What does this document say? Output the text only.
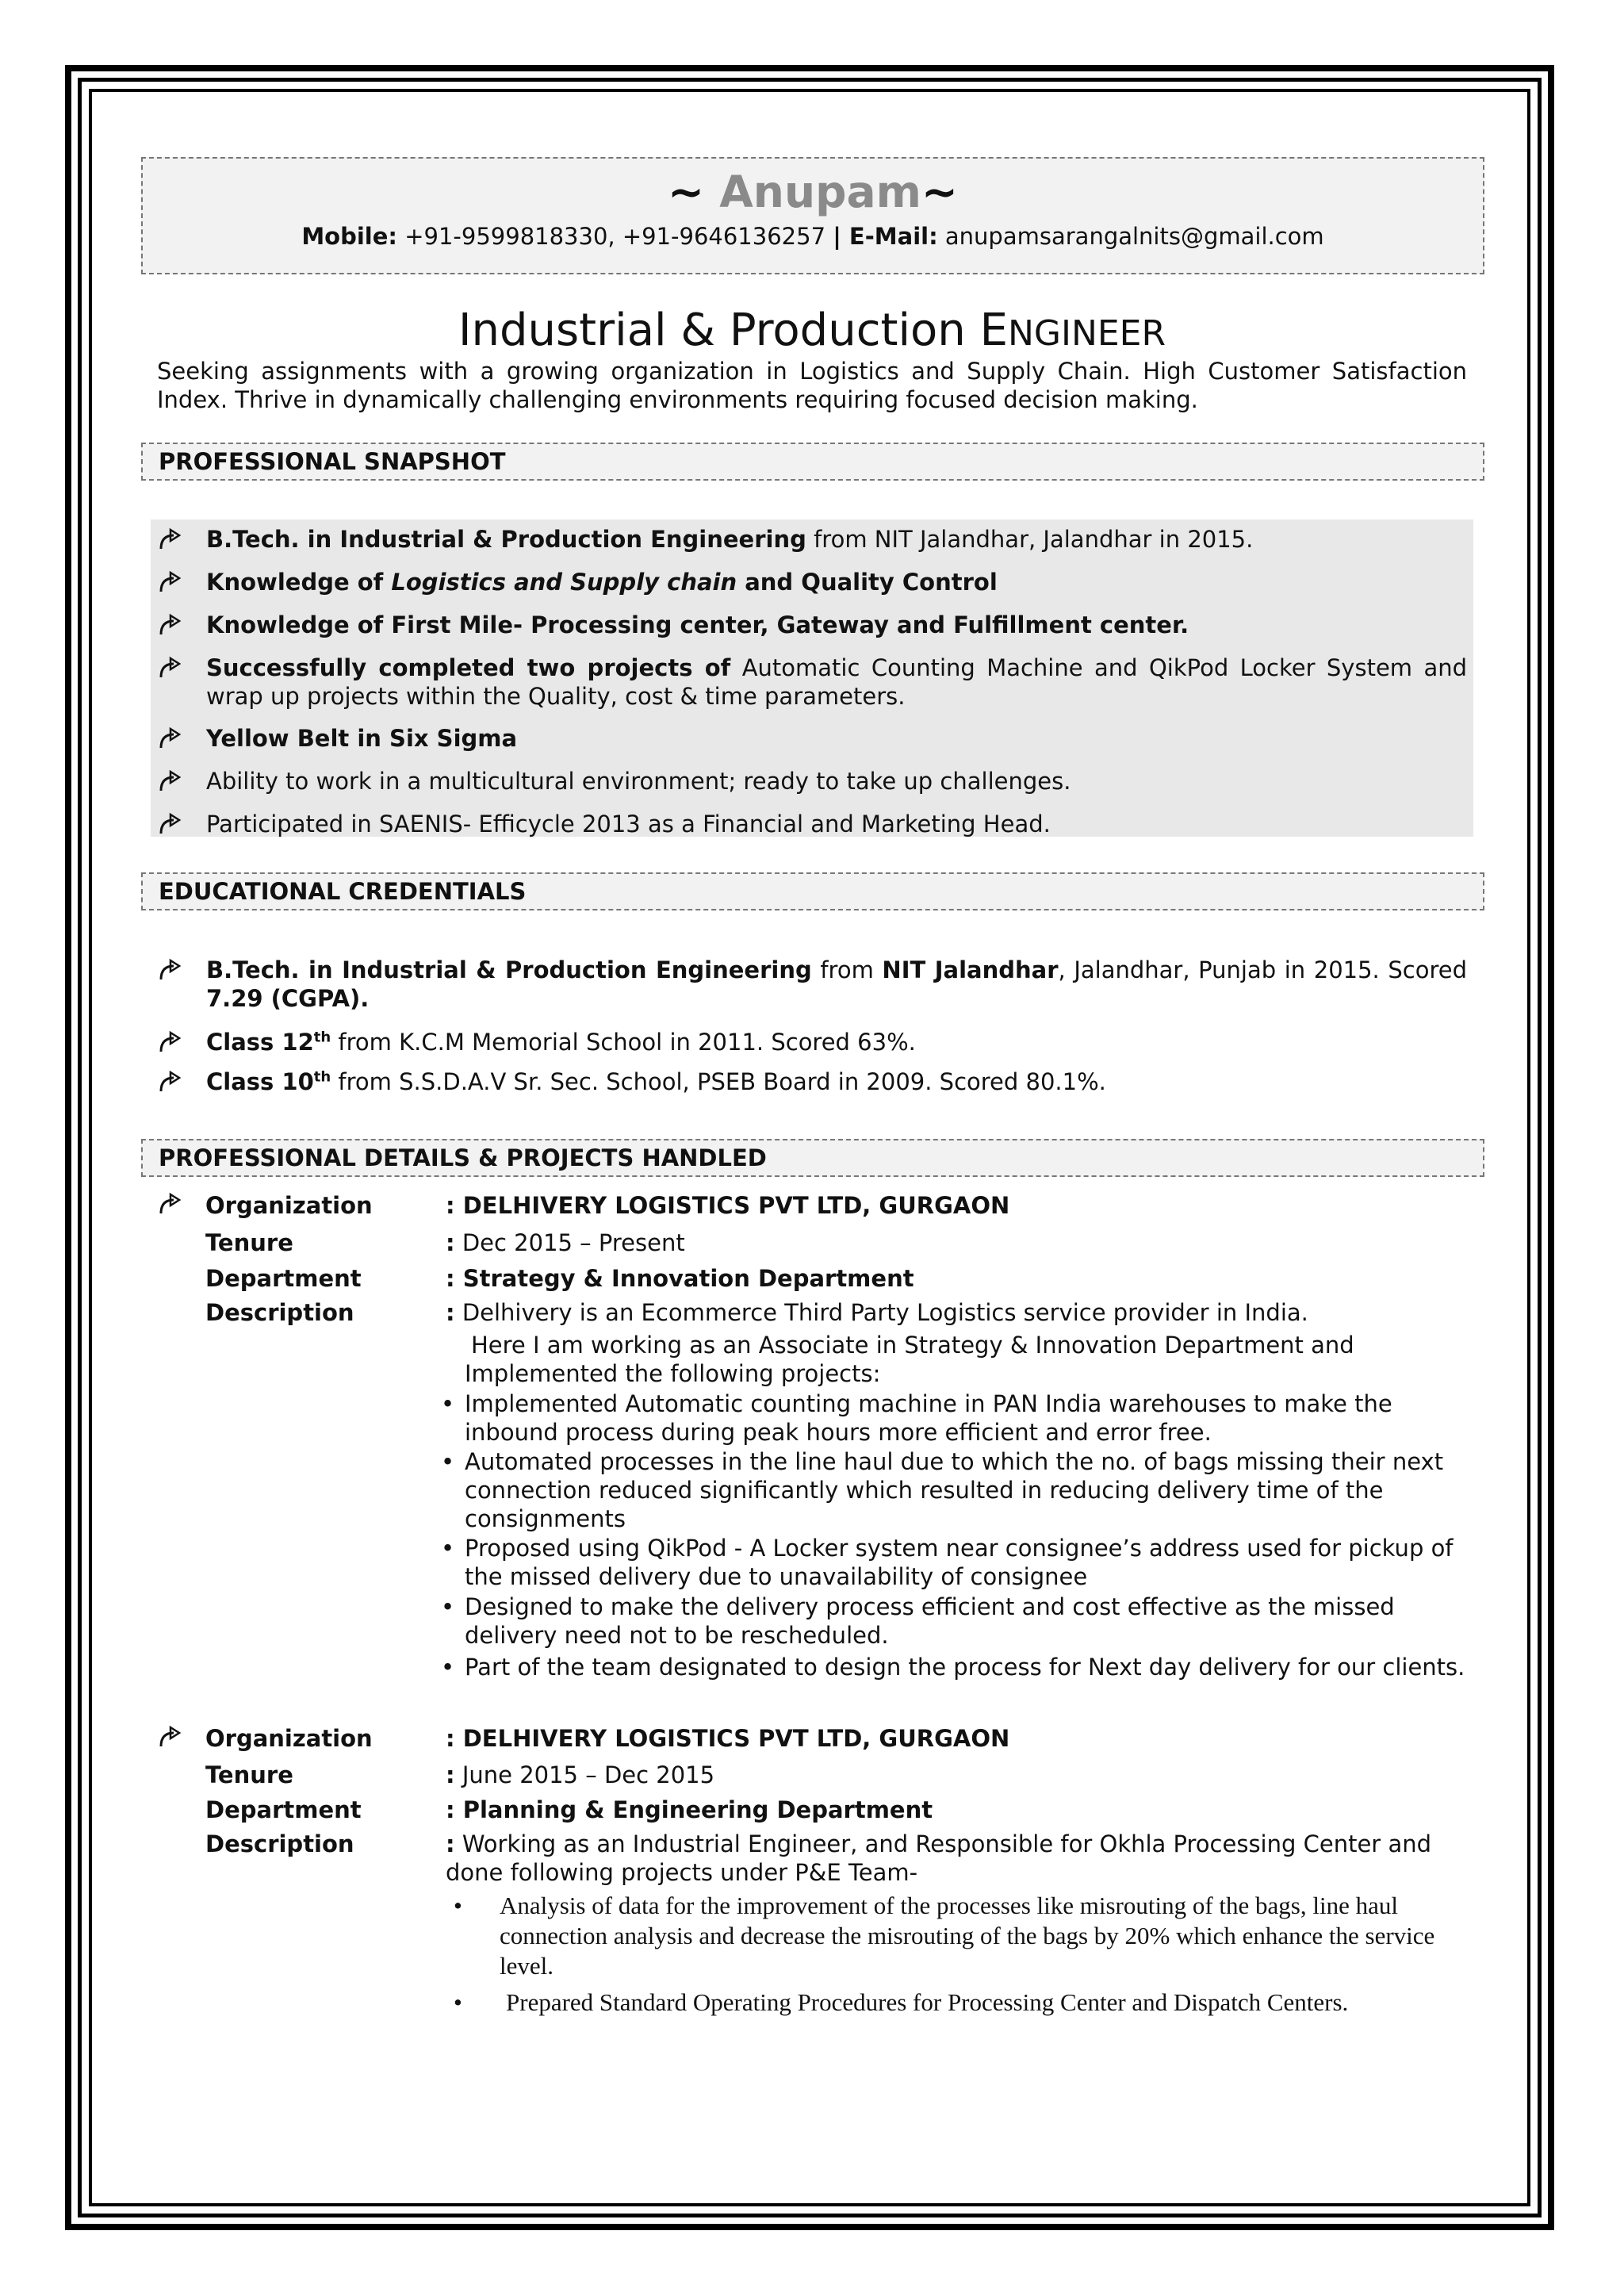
~ Anupam~
Mobile: +91-9599818330, +91-9646136257 | E-Mail: anupamsarangalnits@gmail.com
Industrial & Production ENGINEER
Seeking assignments with a growing organization in Logistics and Supply Chain. High Customer Satisfaction Index. Thrive in dynamically challenging environments requiring focused decision making.
PROFESSIONAL SNAPSHOT
B.Tech. in Industrial & Production Engineering from NIT Jalandhar, Jalandhar in 2015.
Knowledge of Logistics and Supply chain and Quality Control
Knowledge of First Mile- Processing center, Gateway and Fulfillment center.
Successfully completed two projects of Automatic Counting Machine and QikPod Locker System and wrap up projects within the Quality, cost & time parameters.
Yellow Belt in Six Sigma
Ability to work in a multicultural environment; ready to take up challenges.
Participated in SAENIS- Efficycle 2013 as a Financial and Marketing Head.
EDUCATIONAL CREDENTIALS
B.Tech. in Industrial & Production Engineering from NIT Jalandhar, Jalandhar, Punjab in 2015. Scored 7.29 (CGPA).
Class 12th from K.C.M Memorial School in 2011. Scored 63%.
Class 10th from S.S.D.A.V Sr. Sec. School, PSEB Board in 2009. Scored 80.1%.
PROFESSIONAL DETAILS & PROJECTS HANDLED
Organization	: DELHIVERY LOGISTICS PVT LTD, GURGAON
Tenure	: Dec 2015 – Present
Department	: Strategy & Innovation Department
Description	: Delhivery is an Ecommerce Third Party Logistics service provider in India.
Here I am working as an Associate in Strategy & Innovation Department and Implemented the following projects:
• Implemented Automatic counting machine in PAN India warehouses to make the inbound process during peak hours more efficient and error free.
• Automated processes in the line haul due to which the no. of bags missing their next connection reduced significantly which resulted in reducing delivery time of the consignments
• Proposed using QikPod - A Locker system near consignee’s address used for pickup of the missed delivery due to unavailability of consignee
• Designed to make the delivery process efficient and cost effective as the missed delivery need not to be rescheduled.
• Part of the team designated to design the process for Next day delivery for our clients.
Organization	: DELHIVERY LOGISTICS PVT LTD, GURGAON
Tenure	: June 2015 – Dec 2015
Department	: Planning & Engineering Department
Description	: Working as an Industrial Engineer, and Responsible for Okhla Processing Center and done following projects under P&E Team-
• Analysis of data for the improvement of the processes like misrouting of the bags, line haul connection analysis and decrease the misrouting of the bags by 20% which enhance the service level.
• Prepared Standard Operating Procedures for Processing Center and Dispatch Centers.
